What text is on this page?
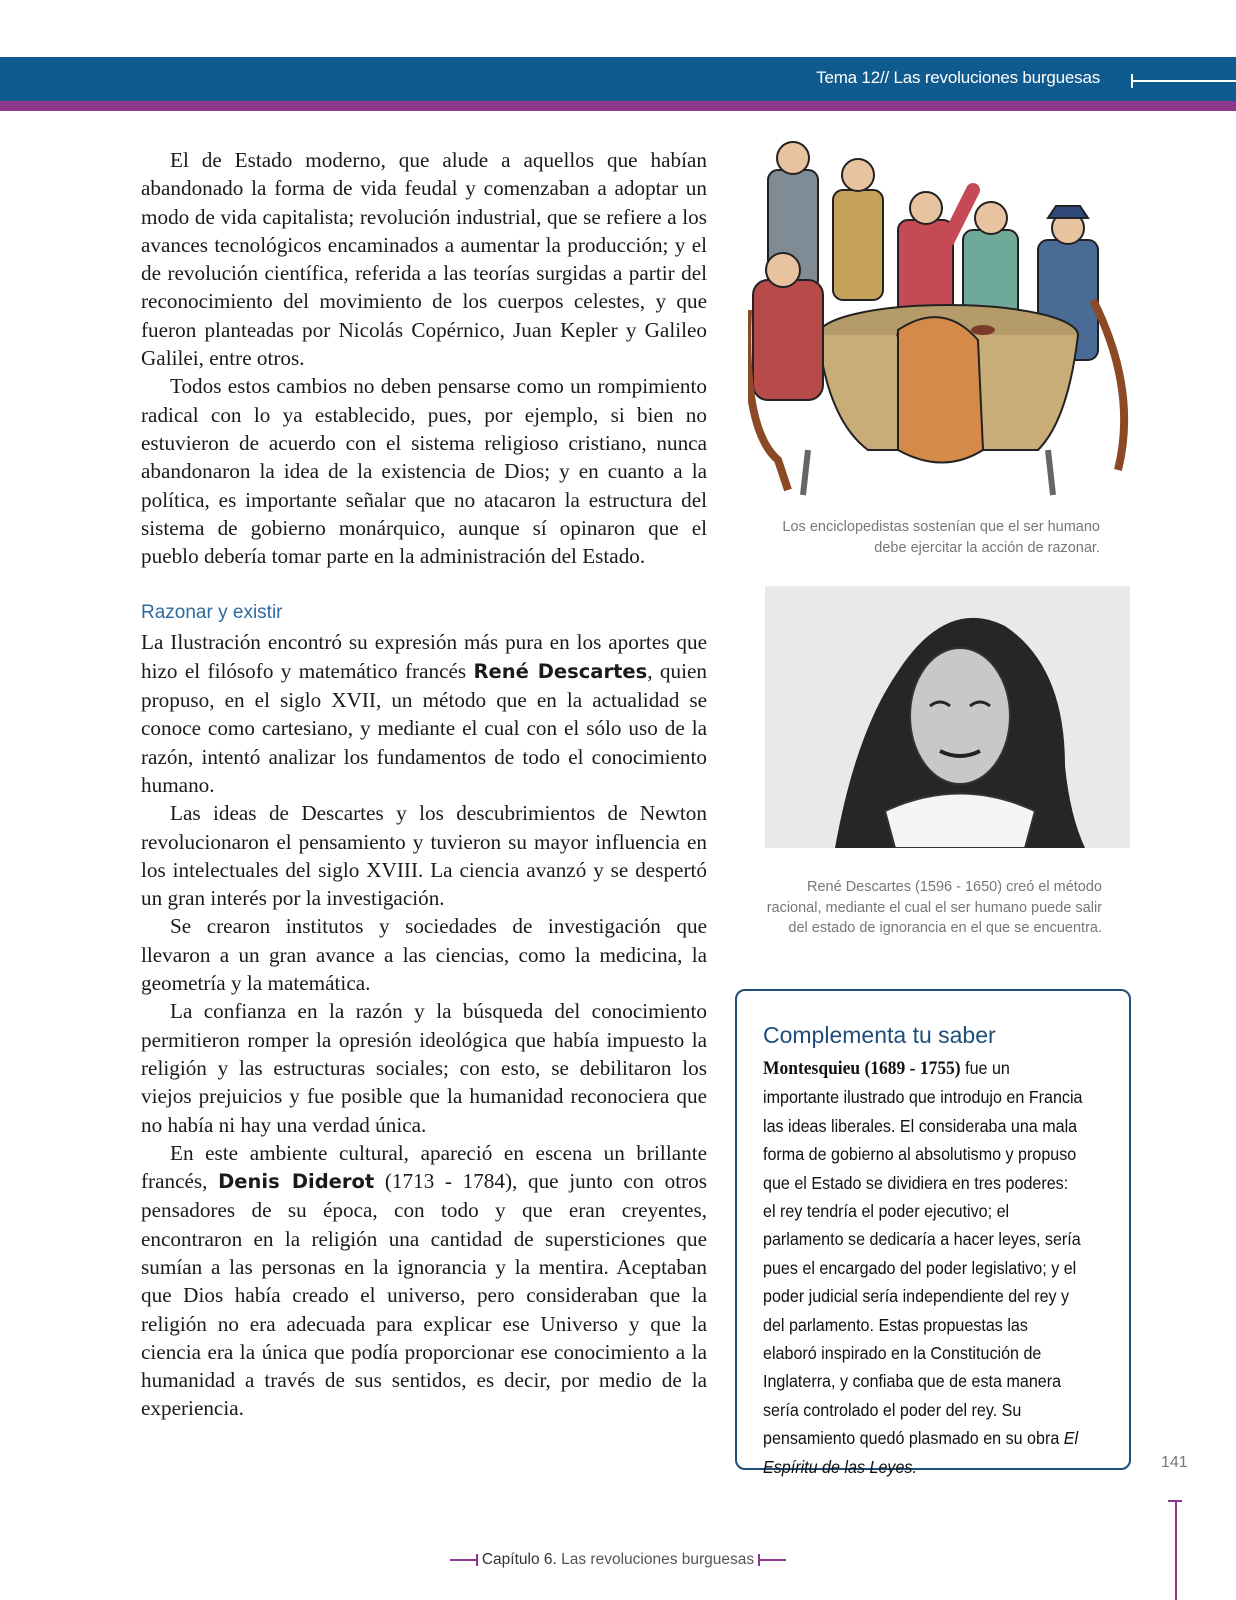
Tema 12// Las revoluciones burguesas

El de Estado moderno, que alude a aquellos que habían abandonado la forma de vida feudal y comenzaban a adoptar un modo de vida capitalista; revolución industrial, que se refiere a los avances tecnológicos encaminados a aumentar la producción; y el de revolución científica, referida a las teorías surgidas a partir del reconocimiento del movimiento de los cuerpos celestes, y que fueron planteadas por Nicolás Copérnico, Juan Kepler y Galileo Galilei, entre otros.

Todos estos cambios no deben pensarse como un rompimiento radical con lo ya establecido, pues, por ejemplo, si bien no estuvieron de acuerdo con el sistema religioso cristiano, nunca abandonaron la idea de la existencia de Dios; y en cuanto a la política, es importante señalar que no atacaron la estructura del sistema de gobierno monárquico, aunque sí opinaron que el pueblo debería tomar parte en la administración del Estado.

Razonar y existir

La Ilustración encontró su expresión más pura en los aportes que hizo el filósofo y matemático francés René Descartes, quien propuso, en el siglo XVII, un método que en la actualidad se conoce como cartesiano, y mediante el cual con el sólo uso de la razón, intentó analizar los fundamentos de todo el conocimiento humano.

Las ideas de Descartes y los descubrimientos de Newton revolucionaron el pensamiento y tuvieron su mayor influencia en los intelectuales del siglo XVIII. La ciencia avanzó y se despertó un gran interés por la investigación.

Se crearon institutos y sociedades de investigación que llevaron a un gran avance a las ciencias, como la medicina, la geometría y la matemática.

La confianza en la razón y la búsqueda del conocimiento permitieron romper la opresión ideológica que había impuesto la religión y las estructuras sociales; con esto, se debilitaron los viejos prejuicios y fue posible que la humanidad reconociera que no había ni hay una verdad única.

En este ambiente cultural, apareció en escena un brillante francés, Denis Diderot (1713 - 1784), que junto con otros pensadores de su época, con todo y que eran creyentes, encontraron en la religión una cantidad de supersticiones que sumían a las personas en la ignorancia y la mentira. Aceptaban que Dios había creado el universo, pero consideraban que la religión no era adecuada para explicar ese Universo y que la ciencia era la única que podía proporcionar ese conocimiento a la humanidad a través de sus sentidos, es decir, por medio de la experiencia.

Los enciclopedistas sostenían que el ser humano debe ejercitar la acción de razonar.
René Descartes (1596 - 1650) creó el método racional, mediante el cual el ser humano puede salir del estado de ignorancia en el que se encuentra.
Complementa tu saber
Montesquieu (1689 - 1755) fue un importante ilustrado que introdujo en Francia las ideas liberales. El consideraba una mala forma de gobierno al absolutismo y propuso que el Estado se dividiera en tres poderes: el rey tendría el poder ejecutivo; el parlamento se dedicaría a hacer leyes, sería pues el encargado del poder legislativo; y el poder judicial sería independiente del rey y del parlamento. Estas propuestas las elaboró inspirado en la Constitución de Inglaterra, y confiaba que de esta manera sería controlado el poder del rey. Su pensamiento quedó plasmado en su obra El Espíritu de las Leyes.	141
Capítulo 6. Las revoluciones burguesas
